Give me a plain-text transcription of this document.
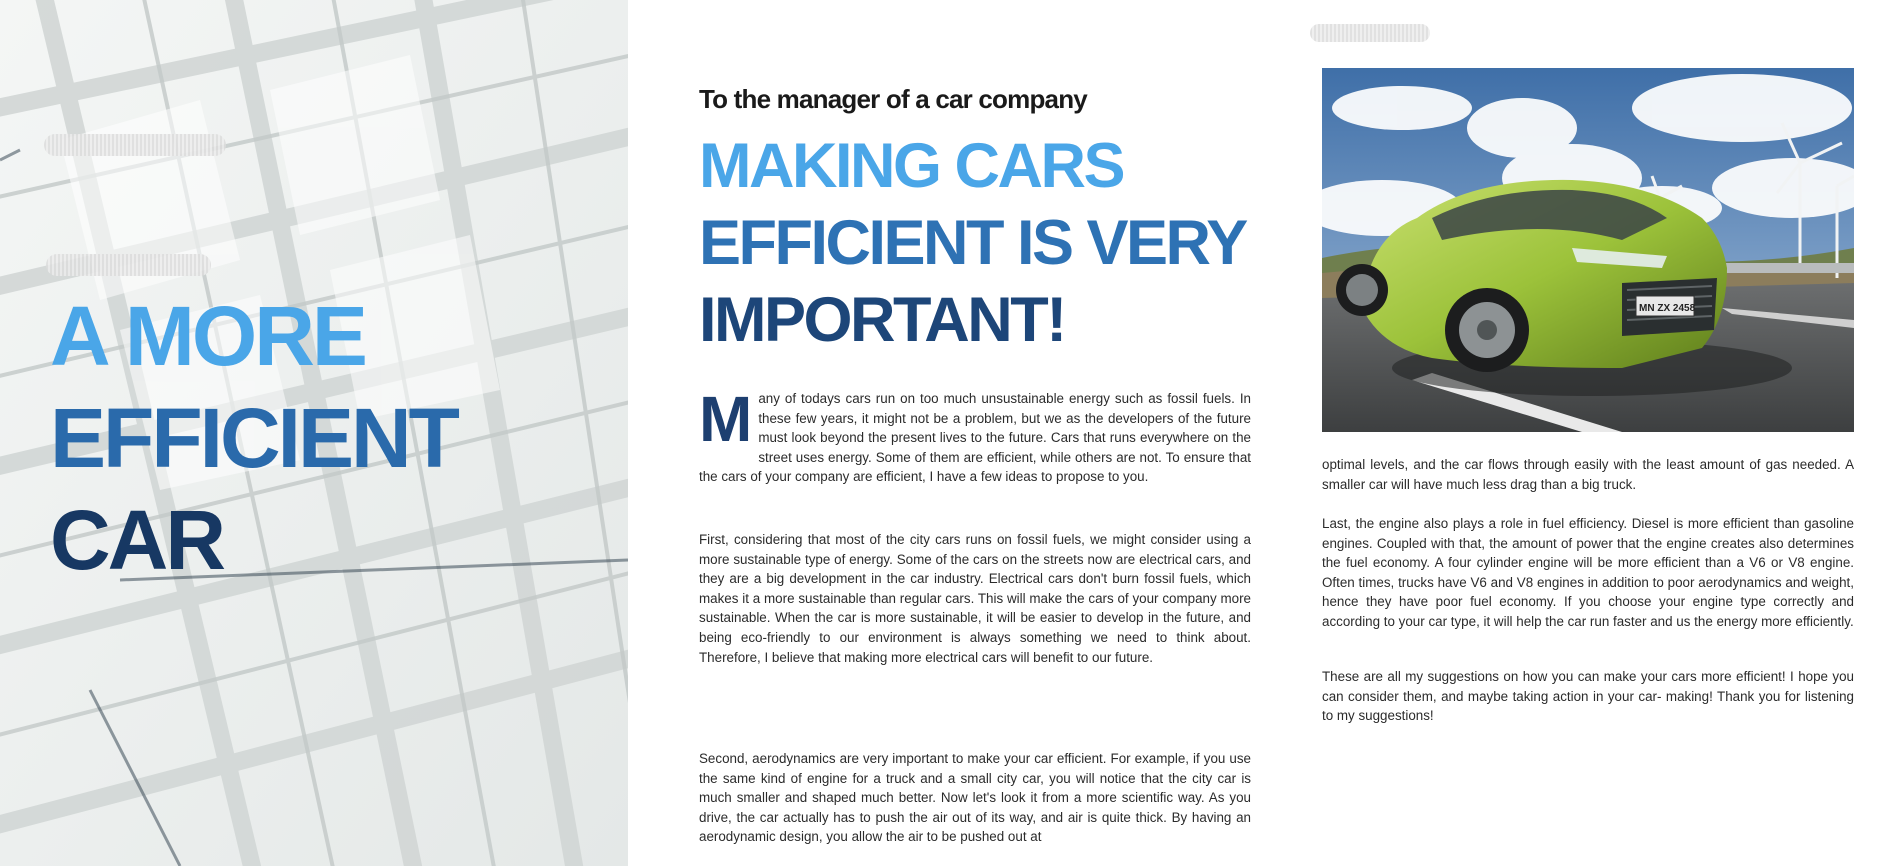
A MORE
EFFICIENT
CAR
To the manager of a car company
MAKING CARS
EFFICIENT IS VERY
IMPORTANT!
Many of todays cars run on too much unsustainable energy such as fossil fuels. In these few years, it might not be a problem, but we as the developers of the future must look beyond the present lives to the future. Cars that runs everywhere on the street uses energy. Some of them are efficient, while others are not. To ensure that the cars of your company are efficient, I have a few ideas to propose to you.
First, considering that most of the city cars runs on fossil fuels, we might consider using a more sustainable type of energy. Some of the cars on the streets now are electrical cars, and they are a big development in the car industry. Electrical cars don't burn fossil fuels, which makes it a more sustainable than regular cars. This will make the cars of your company more sustainable. When the car is more sustainable, it will be easier to develop in the future, and being eco-friendly to our environment is always something we need to think about. Therefore, I believe that making more electrical cars will benefit to our future.
Second, aerodynamics are very important to make your car efficient. For example, if you use the same kind of engine for a truck and a small city car, you will notice that the city car is much smaller and shaped much better. Now let's look it from a more scientific way. As you drive, the car actually has to push the air out of its way, and air is quite thick. By having an aerodynamic design, you allow the air to be pushed out at
MN ZX 2458
optimal levels, and the car flows through easily with the least amount of gas needed. A smaller car will have much less drag than a big truck.
Last, the engine also plays a role in fuel efficiency. Diesel is more efficient than gasoline engines. Coupled with that, the amount of power that the engine creates also determines the fuel economy. A four cylinder engine will be more efficient than a V6 or V8 engine. Often times, trucks have V6 and V8 engines in addition to poor aerodynamics and weight, hence they have poor fuel economy. If you choose your engine type correctly and according to your car type, it will help the car run faster and us the energy more efficiently.
These are all my suggestions on how you can make your cars more efficient! I hope you can consider them, and maybe taking action in your car- making! Thank you for listening to my suggestions!
